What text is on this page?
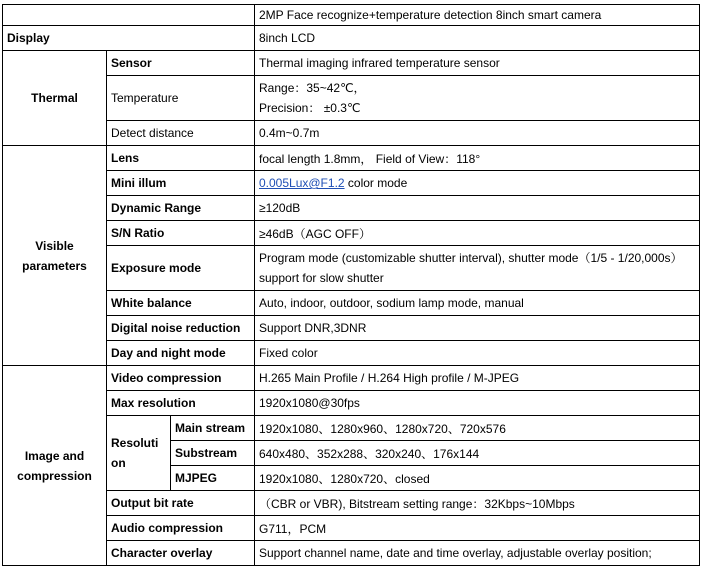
			2MP Face recognize+temperature detection 8inch smart camera
Display			8inch LCD
Thermal	Sensor		Thermal imaging infrared temperature sensor
	Temperature		Range：35~42℃，
Precision： ±0.3℃

	Detect distance		0.4m~0.7m

Visible
parameters	Lens		focal length 1.8mm， Field of View：118°
	Mini illum		0.005Lux@F1.2 color mode
	Dynamic Range		≥120dB
	S/N Ratio		≥46dB（AGC OFF）
	Exposure mode		Program mode (customizable shutter interval), shutter mode（1/5 - 1/20,000s）
support for slow shutter

	White balance		Auto, indoor, outdoor, sodium lamp mode, manual
	Digital noise reduction		Support DNR,3DNR
	Day and night mode		Fixed color

Image and
compression	Video compression		H.265 Main Profile / H.264 High profile / M-JPEG
	Max resolution		1920x1080@30fps

	Resoluti
on	Main stream	1920x1080、1280x960、1280x720、720x576
		Substream	640x480、352x288、320x240、176x144
		MJPEG	1920x1080、1280x720、closed
	Output bit rate		（CBR or VBR), Bitstream setting range：32Kbps~10Mbps
	Audio compression		G711，PCM
	Character overlay		Support channel name, date and time overlay, adjustable overlay position;
